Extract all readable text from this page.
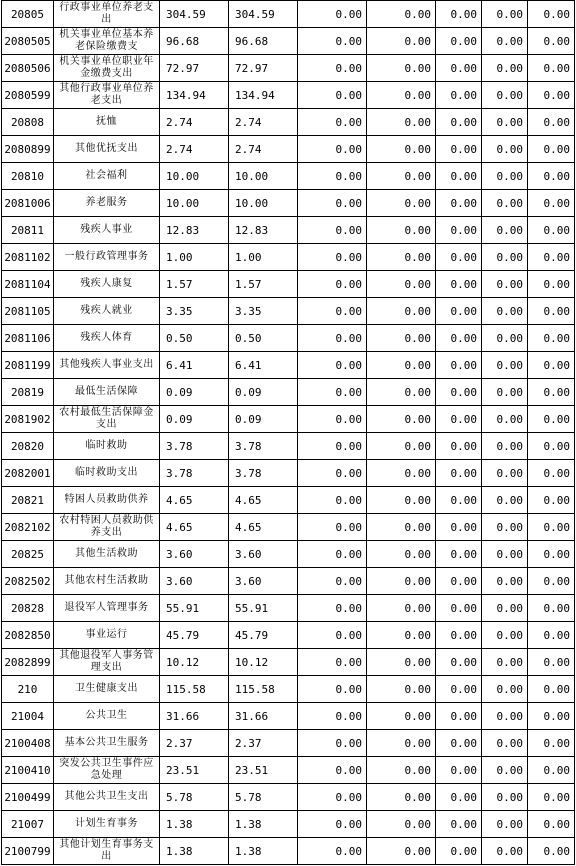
20805	行政事业单位养老支出	304.59	304.59	0.00	0.00	0.00	0.00	0.00
2080505	机关事业单位基本养老保险缴费支	96.68	96.68	0.00	0.00	0.00	0.00	0.00
2080506	机关事业单位职业年金缴费支出	72.97	72.97	0.00	0.00	0.00	0.00	0.00
2080599	其他行政事业单位养老支出	134.94	134.94	0.00	0.00	0.00	0.00	0.00
20808	抚恤	2.74	2.74	0.00	0.00	0.00	0.00	0.00
2080899	其他优抚支出	2.74	2.74	0.00	0.00	0.00	0.00	0.00
20810	社会福利	10.00	10.00	0.00	0.00	0.00	0.00	0.00
2081006	养老服务	10.00	10.00	0.00	0.00	0.00	0.00	0.00
20811	残疾人事业	12.83	12.83	0.00	0.00	0.00	0.00	0.00
2081102	一般行政管理事务	1.00	1.00	0.00	0.00	0.00	0.00	0.00
2081104	残疾人康复	1.57	1.57	0.00	0.00	0.00	0.00	0.00
2081105	残疾人就业	3.35	3.35	0.00	0.00	0.00	0.00	0.00
2081106	残疾人体育	0.50	0.50	0.00	0.00	0.00	0.00	0.00
2081199	其他残疾人事业支出	6.41	6.41	0.00	0.00	0.00	0.00	0.00
20819	最低生活保障	0.09	0.09	0.00	0.00	0.00	0.00	0.00
2081902	农村最低生活保障金支出	0.09	0.09	0.00	0.00	0.00	0.00	0.00
20820	临时救助	3.78	3.78	0.00	0.00	0.00	0.00	0.00
2082001	临时救助支出	3.78	3.78	0.00	0.00	0.00	0.00	0.00
20821	特困人员救助供养	4.65	4.65	0.00	0.00	0.00	0.00	0.00
2082102	农村特困人员救助供养支出	4.65	4.65	0.00	0.00	0.00	0.00	0.00
20825	其他生活救助	3.60	3.60	0.00	0.00	0.00	0.00	0.00
2082502	其他农村生活救助	3.60	3.60	0.00	0.00	0.00	0.00	0.00
20828	退役军人管理事务	55.91	55.91	0.00	0.00	0.00	0.00	0.00
2082850	事业运行	45.79	45.79	0.00	0.00	0.00	0.00	0.00
2082899	其他退役军人事务管理支出	10.12	10.12	0.00	0.00	0.00	0.00	0.00
210	卫生健康支出	115.58	115.58	0.00	0.00	0.00	0.00	0.00
21004	公共卫生	31.66	31.66	0.00	0.00	0.00	0.00	0.00
2100408	基本公共卫生服务	2.37	2.37	0.00	0.00	0.00	0.00	0.00
2100410	突发公共卫生事件应急处理	23.51	23.51	0.00	0.00	0.00	0.00	0.00
2100499	其他公共卫生支出	5.78	5.78	0.00	0.00	0.00	0.00	0.00
21007	计划生育事务	1.38	1.38	0.00	0.00	0.00	0.00	0.00
2100799	其他计划生育事务支出	1.38	1.38	0.00	0.00	0.00	0.00	0.00
